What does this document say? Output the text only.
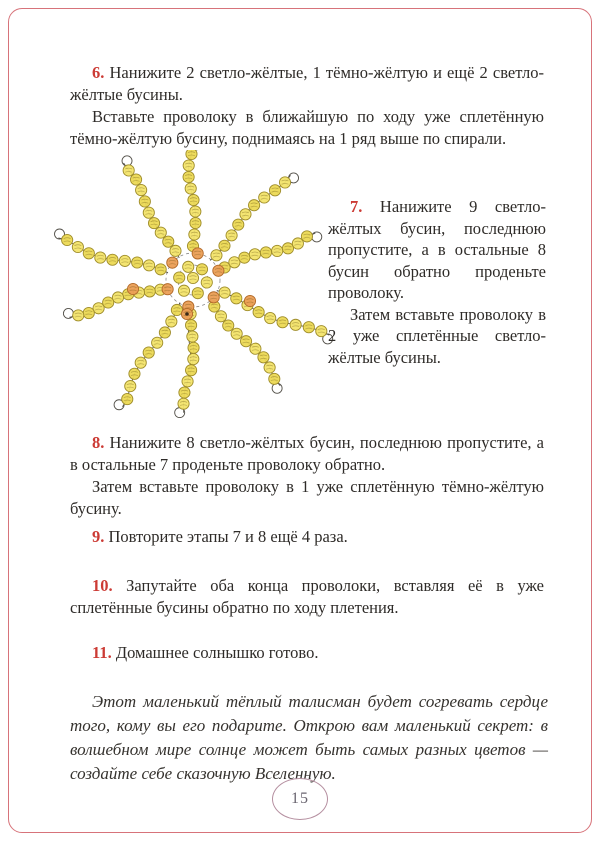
6. Нанижите 2 светло-жёлтые, 1 тёмно-жёлтую и ещё 2 светло-жёлтые бусины.

Вставьте проволоку в ближайшую по ходу уже сплетённую тёмно-жёлтую бусину, поднимаясь на 1 ряд выше по спирали.

7. Нанижите 9 светло-жёлтых бусин, последнюю пропустите, а в остальные 8 бусин обратно проденьте проволоку.

Затем вставьте проволоку в 2 уже сплетённые светло-жёлтые бусины.

8. Нанижите 8 светло-жёлтых бусин, последнюю пропустите, а в остальные 7 проденьте проволоку обратно.

Затем вставьте проволоку в 1 уже сплетённую тёмно-жёлтую бусину.

9. Повторите этапы 7 и 8 ещё 4 раза.

10. Запутайте оба конца проволоки, вставляя её в уже сплетённые бусины обратно по ходу плетения.

11. Домашнее солнышко готово.

Этот маленький тёплый талисман будет согревать сердце того, кому вы его подарите. Открою вам маленький секрет: в волшебном мире солнце может быть самых разных цветов — создайте себе сказочную Вселенную.

15
